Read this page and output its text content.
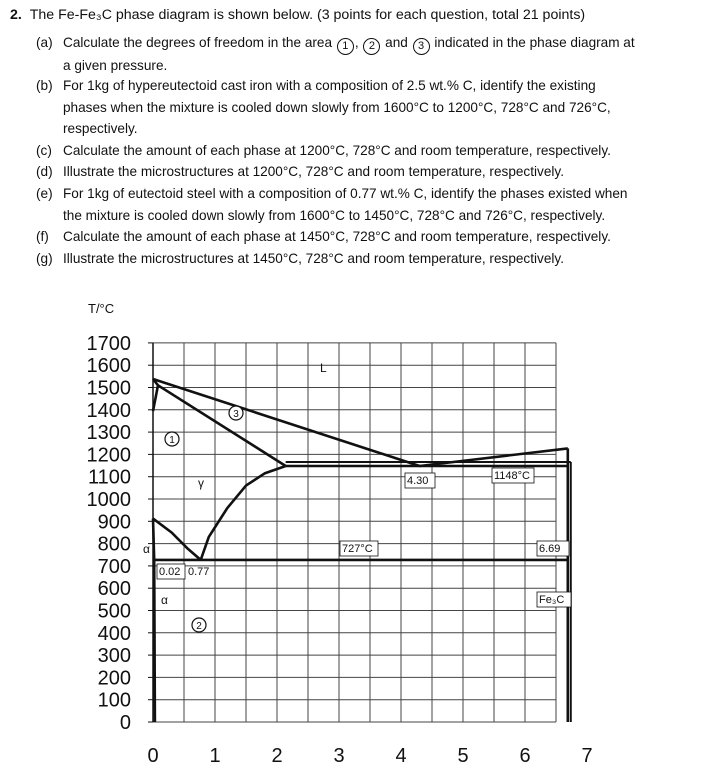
2. The Fe-Fe₃C phase diagram is shown below. (3 points for each question, total 21 points)
(a) Calculate the degrees of freedom in the area 1 , 2 and 3 indicated in the phase diagram at
a given pressure.
(b) For 1kg of hypereutectoid cast iron with a composition of 2.5 wt.% C, identify the existing
phases when the mixture is cooled down slowly from 1600°C to 1200°C, 728°C and 726°C,
respectively.
(c) Calculate the amount of each phase at 1200°C, 728°C and room temperature, respectively.
(d) Illustrate the microstructures at 1200°C, 728°C and room temperature, respectively.
(e) For 1kg of eutectoid steel with a composition of 0.77 wt.% C, identify the phases existed when
the mixture is cooled down slowly from 1600°C to 1450°C, 728°C and 726°C, respectively.
(f)	Calculate the amount of each phase at 1450°C, 728°C and room temperature, respectively.
(g) Illustrate the microstructures at 1450°C, 728°C and room temperature, respectively.
1700
1600
1500
1400
1300
1200
1100
1000
900
800
700
600
500
400
300
200
100
0
0	1	2	3	4	5	6	7
T/°C
L
γ
α
α
1
2
3
4.30	1148°C
727°C	6.69
0.02 0.77
Fe₃C
